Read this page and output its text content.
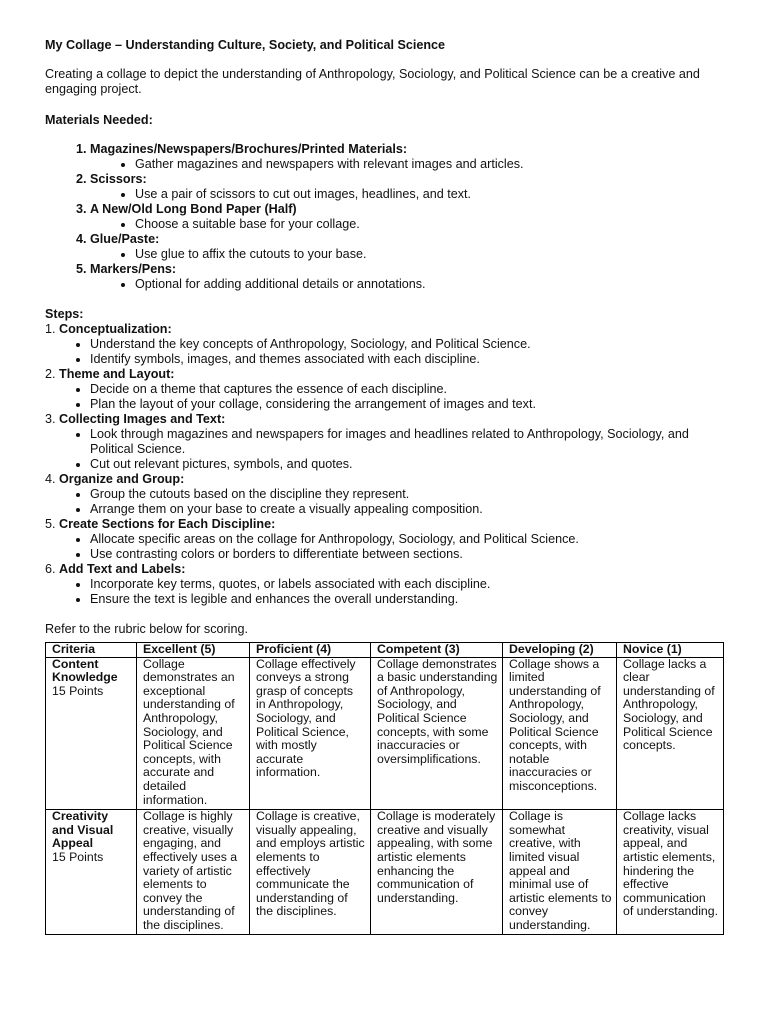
My Collage – Understanding Culture, Society, and Political Science

Creating a collage to depict the understanding of Anthropology, Sociology, and Political Science can be a creative and engaging project.

Materials Needed:

1. Magazines/Newspapers/Brochures/Printed Materials:
• Gather magazines and newspapers with relevant images and articles.
2. Scissors:
• Use a pair of scissors to cut out images, headlines, and text.
3. A New/Old Long Bond Paper (Half)
• Choose a suitable base for your collage.
4. Glue/Paste:
• Use glue to affix the cutouts to your base.
5. Markers/Pens:
• Optional for adding additional details or annotations.

Steps:

1. Conceptualization:

• Understand the key concepts of Anthropology, Sociology, and Political Science.
• Identify symbols, images, and themes associated with each discipline.

2. Theme and Layout:

• Decide on a theme that captures the essence of each discipline.
• Plan the layout of your collage, considering the arrangement of images and text.

3. Collecting Images and Text:

• Look through magazines and newspapers for images and headlines related to Anthropology, Sociology, and Political Science.
• Cut out relevant pictures, symbols, and quotes.

4. Organize and Group:

• Group the cutouts based on the discipline they represent.
• Arrange them on your base to create a visually appealing composition.

5. Create Sections for Each Discipline:

• Allocate specific areas on the collage for Anthropology, Sociology, and Political Science.
• Use contrasting colors or borders to differentiate between sections.

6. Add Text and Labels:

• Incorporate key terms, quotes, or labels associated with each discipline.
• Ensure the text is legible and enhances the overall understanding.

Refer to the rubric below for scoring.

Criteria	Excellent (5)	Proficient (4)	Competent (3)	Developing (2)	Novice (1)

Content Knowledge
15 Points	Collage demonstrates an exceptional understanding of Anthropology, Sociology, and Political Science concepts, with accurate and detailed information.	Collage effectively conveys a strong grasp of concepts in Anthropology, Sociology, and Political Science, with mostly accurate information.	Collage demonstrates a basic understanding of Anthropology, Sociology, and Political Science concepts, with some inaccuracies or oversimplifications.	Collage shows a limited understanding of Anthropology, Sociology, and Political Science concepts, with notable inaccuracies or misconceptions.	Collage lacks a clear understanding of Anthropology, Sociology, and Political Science concepts.

Creativity and Visual Appeal
15 Points	Collage is highly creative, visually engaging, and effectively uses a variety of artistic elements to convey the understanding of the disciplines.	Collage is creative, visually appealing, and employs artistic elements to effectively communicate the understanding of the disciplines.	Collage is moderately creative and visually appealing, with some artistic elements enhancing the communication of understanding.	Collage is somewhat creative, with limited visual appeal and minimal use of artistic elements to convey understanding.	Collage lacks creativity, visual appeal, and artistic elements, hindering the effective communication of understanding.
